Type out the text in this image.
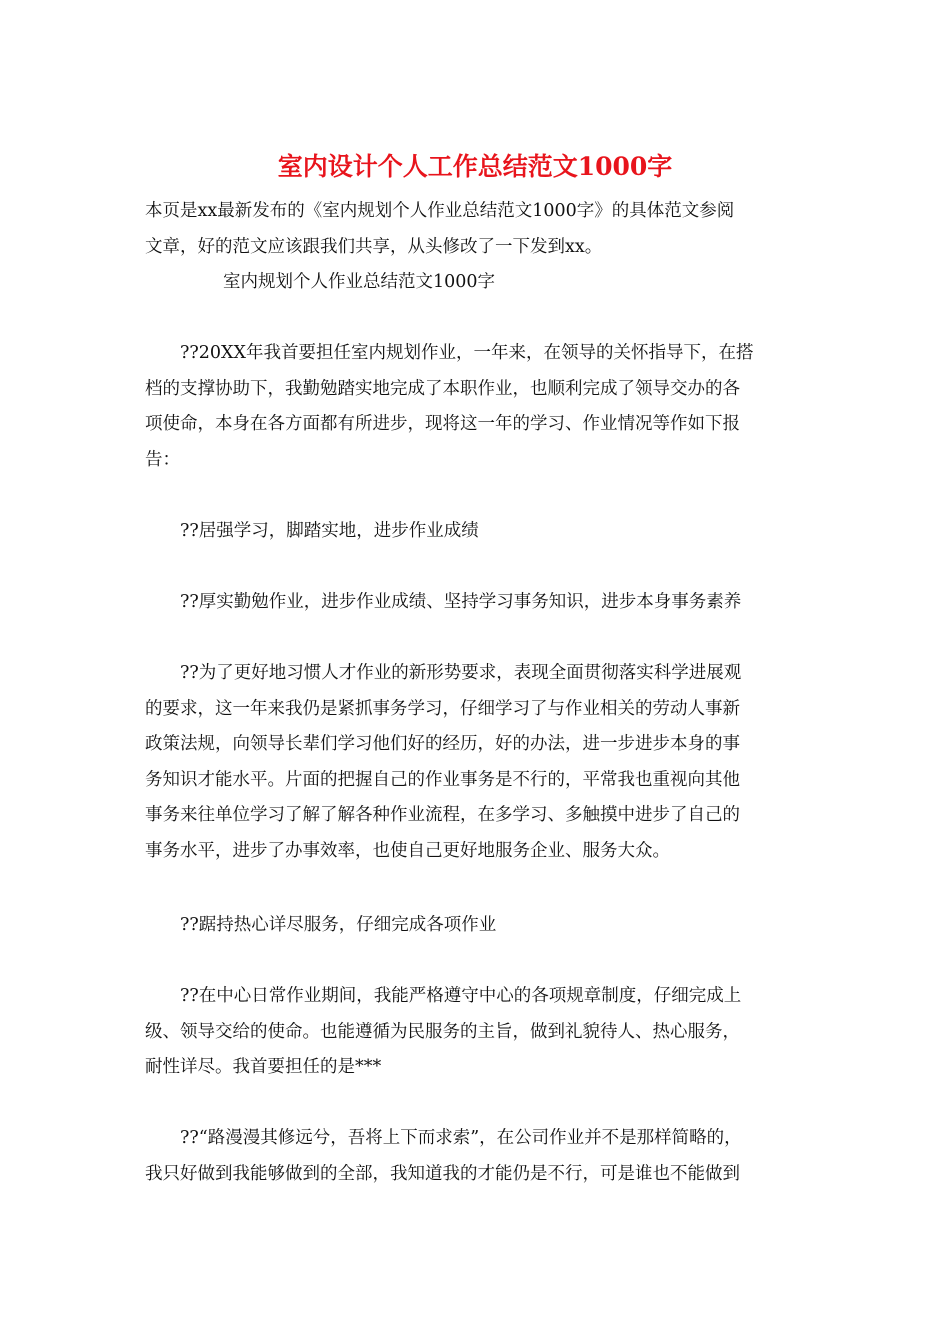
室内设计个人工作总结范文1000字
本页是xx最新发布的《室内规划个人作业总结范文1000字》的具体范文参阅
文章，好的范文应该跟我们共享，从头修改了一下发到xx。
室内规划个人作业总结范文1000字
??20XX年我首要担任室内规划作业，一年来，在领导的关怀指导下，在搭
档的支撑协助下，我勤勉踏实地完成了本职作业，也顺利完成了领导交办的各
项使命，本身在各方面都有所进步，现将这一年的学习、作业情况等作如下报
告：
??居强学习，脚踏实地，进步作业成绩
??厚实勤勉作业，进步作业成绩、坚持学习事务知识，进步本身事务素养
??为了更好地习惯人才作业的新形势要求，表现全面贯彻落实科学进展观
的要求，这一年来我仍是紧抓事务学习，仔细学习了与作业相关的劳动人事新
政策法规，向领导长辈们学习他们好的经历，好的办法，进一步进步本身的事
务知识才能水平。片面的把握自己的作业事务是不行的，平常我也重视向其他
事务来往单位学习了解了解各种作业流程，在多学习、多触摸中进步了自己的
事务水平，进步了办事效率，也使自己更好地服务企业、服务大众。
??踞持热心详尽服务，仔细完成各项作业
??在中心日常作业期间，我能严格遵守中心的各项规章制度，仔细完成上
级、领导交给的使命。也能遵循为民服务的主旨，做到礼貌待人、热心服务，
耐性详尽。我首要担任的是***
??“路漫漫其修远兮，吾将上下而求索”，在公司作业并不是那样简略的，
我只好做到我能够做到的全部，我知道我的才能仍是不行，可是谁也不能做到
